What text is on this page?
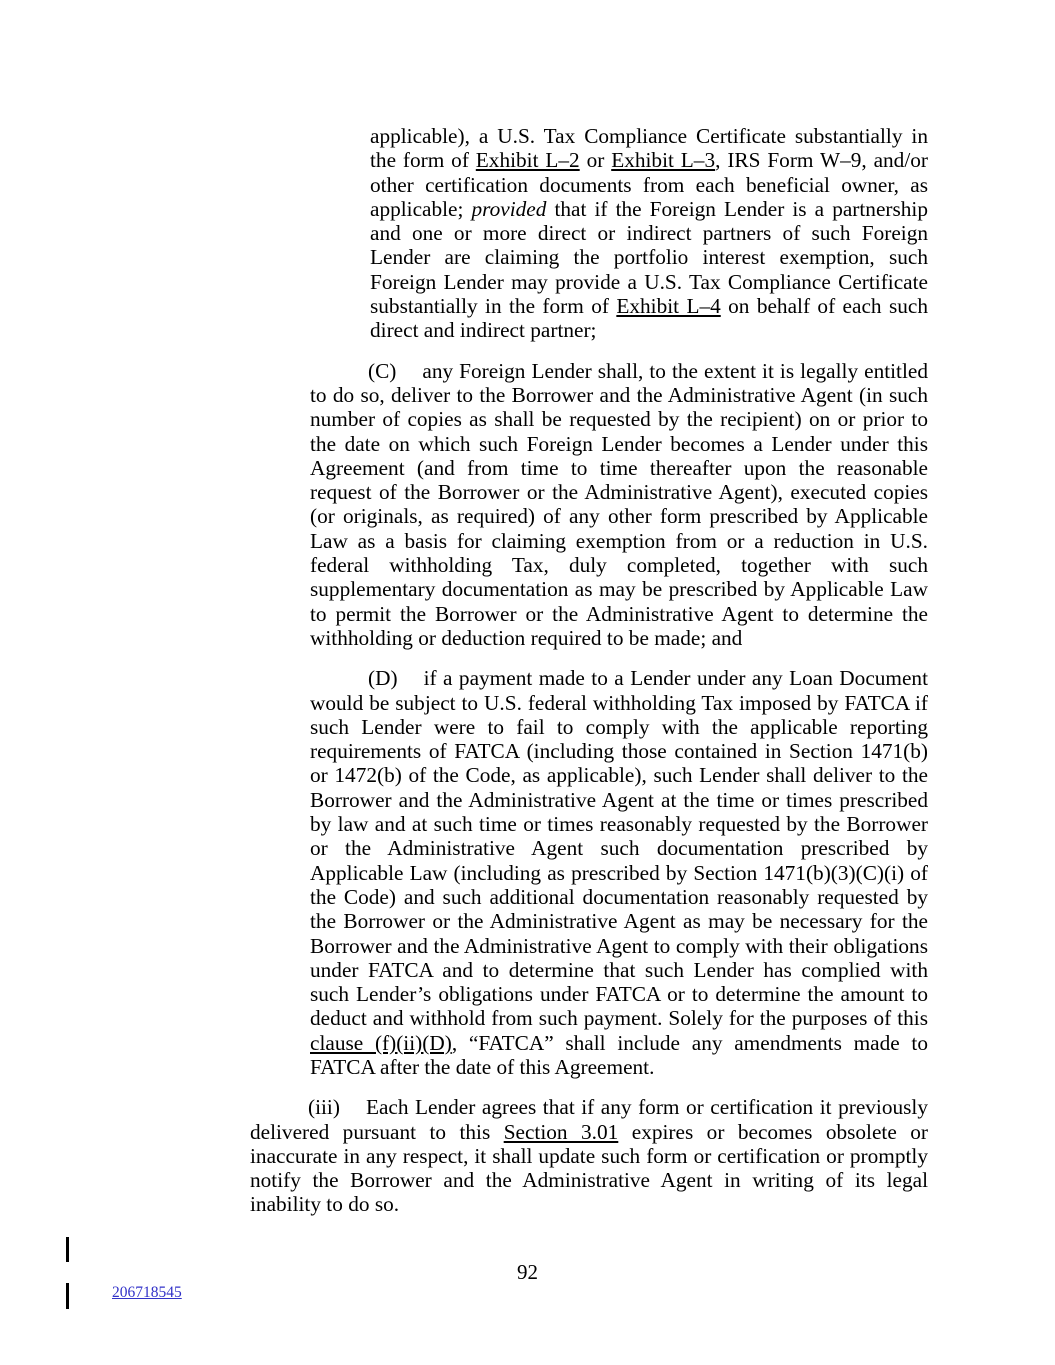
applicable), a U.S. Tax Compliance Certificate substantially in the form of Exhibit L–2 or Exhibit L–3, IRS Form W–9, and/or other certification documents from each beneficial owner, as applicable; provided that if the Foreign Lender is a partnership and one or more direct or indirect partners of such Foreign Lender are claiming the portfolio interest exemption, such Foreign Lender may provide a U.S. Tax Compliance Certificate substantially in the form of Exhibit L–4 on behalf of each such direct and indirect partner;

(C) any Foreign Lender shall, to the extent it is legally entitled to do so, deliver to the Borrower and the Administrative Agent (in such number of copies as shall be requested by the recipient) on or prior to the date on which such Foreign Lender becomes a Lender under this Agreement (and from time to time thereafter upon the reasonable request of the Borrower or the Administrative Agent), executed copies (or originals, as required) of any other form prescribed by Applicable Law as a basis for claiming exemption from or a reduction in U.S. federal withholding Tax, duly completed, together with such supplementary documentation as may be prescribed by Applicable Law to permit the Borrower or the Administrative Agent to determine the withholding or deduction required to be made; and

(D) if a payment made to a Lender under any Loan Document would be subject to U.S. federal withholding Tax imposed by FATCA if such Lender were to fail to comply with the applicable reporting requirements of FATCA (including those contained in Section 1471(b) or 1472(b) of the Code, as applicable), such Lender shall deliver to the Borrower and the Administrative Agent at the time or times prescribed by law and at such time or times reasonably requested by the Borrower or the Administrative Agent such documentation prescribed by Applicable Law (including as prescribed by Section 1471(b)(3)(C)(i) of the Code) and such additional documentation reasonably requested by the Borrower or the Administrative Agent as may be necessary for the Borrower and the Administrative Agent to comply with their obligations under FATCA and to determine that such Lender has complied with such Lender’s obligations under FATCA or to determine the amount to deduct and withhold from such payment. Solely for the purposes of this clause (f)(ii)(D), “FATCA” shall include any amendments made to FATCA after the date of this Agreement.

(iii) Each Lender agrees that if any form or certification it previously delivered pursuant to this Section 3.01 expires or becomes obsolete or inaccurate in any respect, it shall update such form or certification or promptly notify the Borrower and the Administrative Agent in writing of its legal inability to do so.

92
206718545
